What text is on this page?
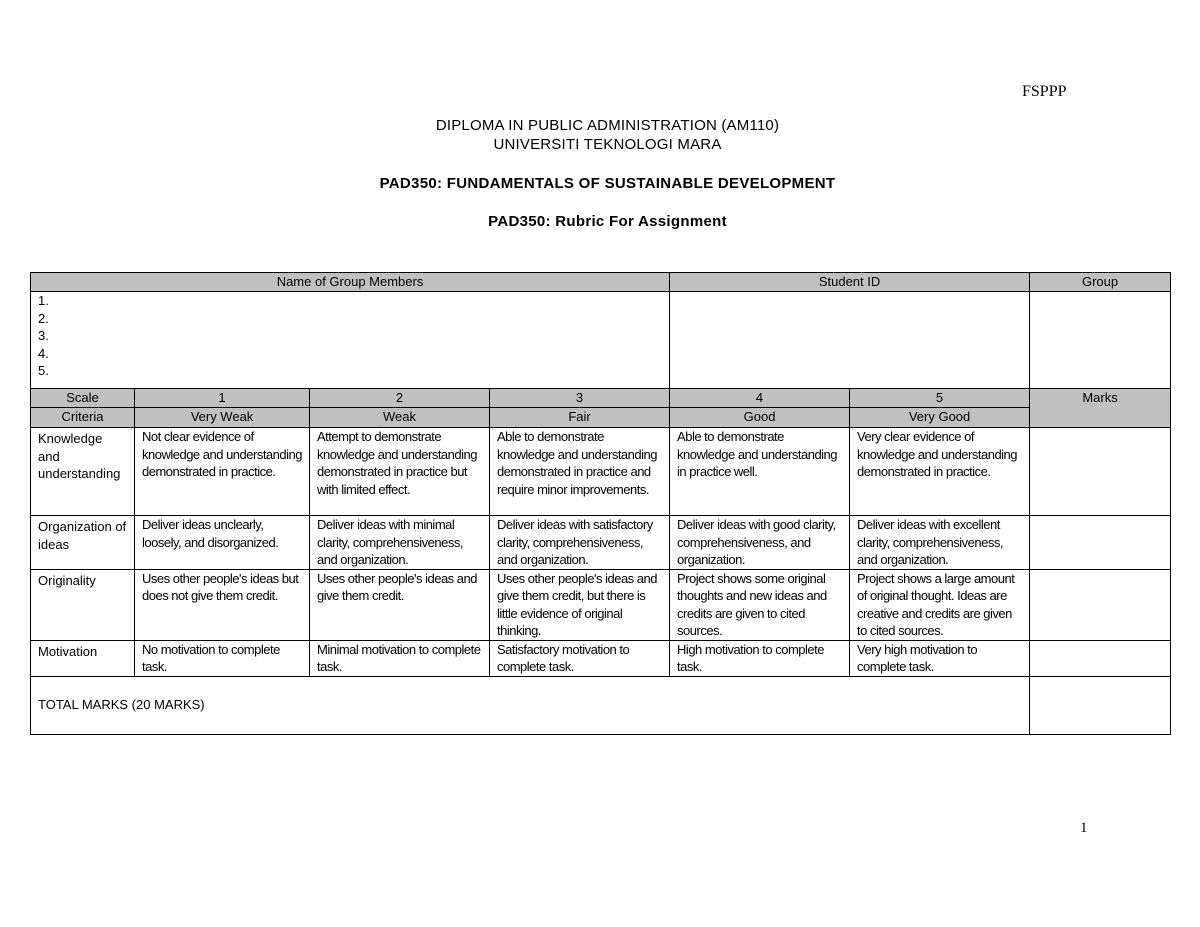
FSPPP
DIPLOMA IN PUBLIC ADMINISTRATION (AM110)
UNIVERSITI TEKNOLOGI MARA
PAD350: FUNDAMENTALS OF SUSTAINABLE DEVELOPMENT
PAD350: Rubric For Assignment
Name of Group Members				Student ID		Group

1.
2.
3.
4.
5.						

Scale	1	2	3	4	5	Marks
Criteria	Very Weak	Weak	Fair	Good	Very Good	
Knowledge and understanding	Not clear evidence of knowledge and understanding demonstrated in practice.	Attempt to demonstrate knowledge and understanding demonstrated in practice but with limited effect.	Able to demonstrate knowledge and understanding demonstrated in practice and require minor improvements.	Able to demonstrate knowledge and understanding in practice well.	Very clear evidence of knowledge and understanding demonstrated in practice.	
Organization of ideas	Deliver ideas unclearly, loosely, and disorganized.	Deliver ideas with minimal clarity, comprehensiveness, and organization.	Deliver ideas with satisfactory clarity, comprehensiveness, and organization.	Deliver ideas with good clarity, comprehensiveness, and organization.	Deliver ideas with excellent clarity, comprehensiveness, and organization.	
Originality	Uses other people's ideas but does not give them credit.	Uses other people's ideas and give them credit.	Uses other people's ideas and give them credit, but there is little evidence of original thinking.	Project shows some original thoughts and new ideas and credits are given to cited sources.	Project shows a large amount of original thought. Ideas are creative and credits are given to cited sources.	
Motivation	No motivation to complete task.	Minimal motivation to complete task.	Satisfactory motivation to complete task.	High motivation to complete task.	Very high motivation to complete task.	
TOTAL MARKS (20 MARKS)						
1
